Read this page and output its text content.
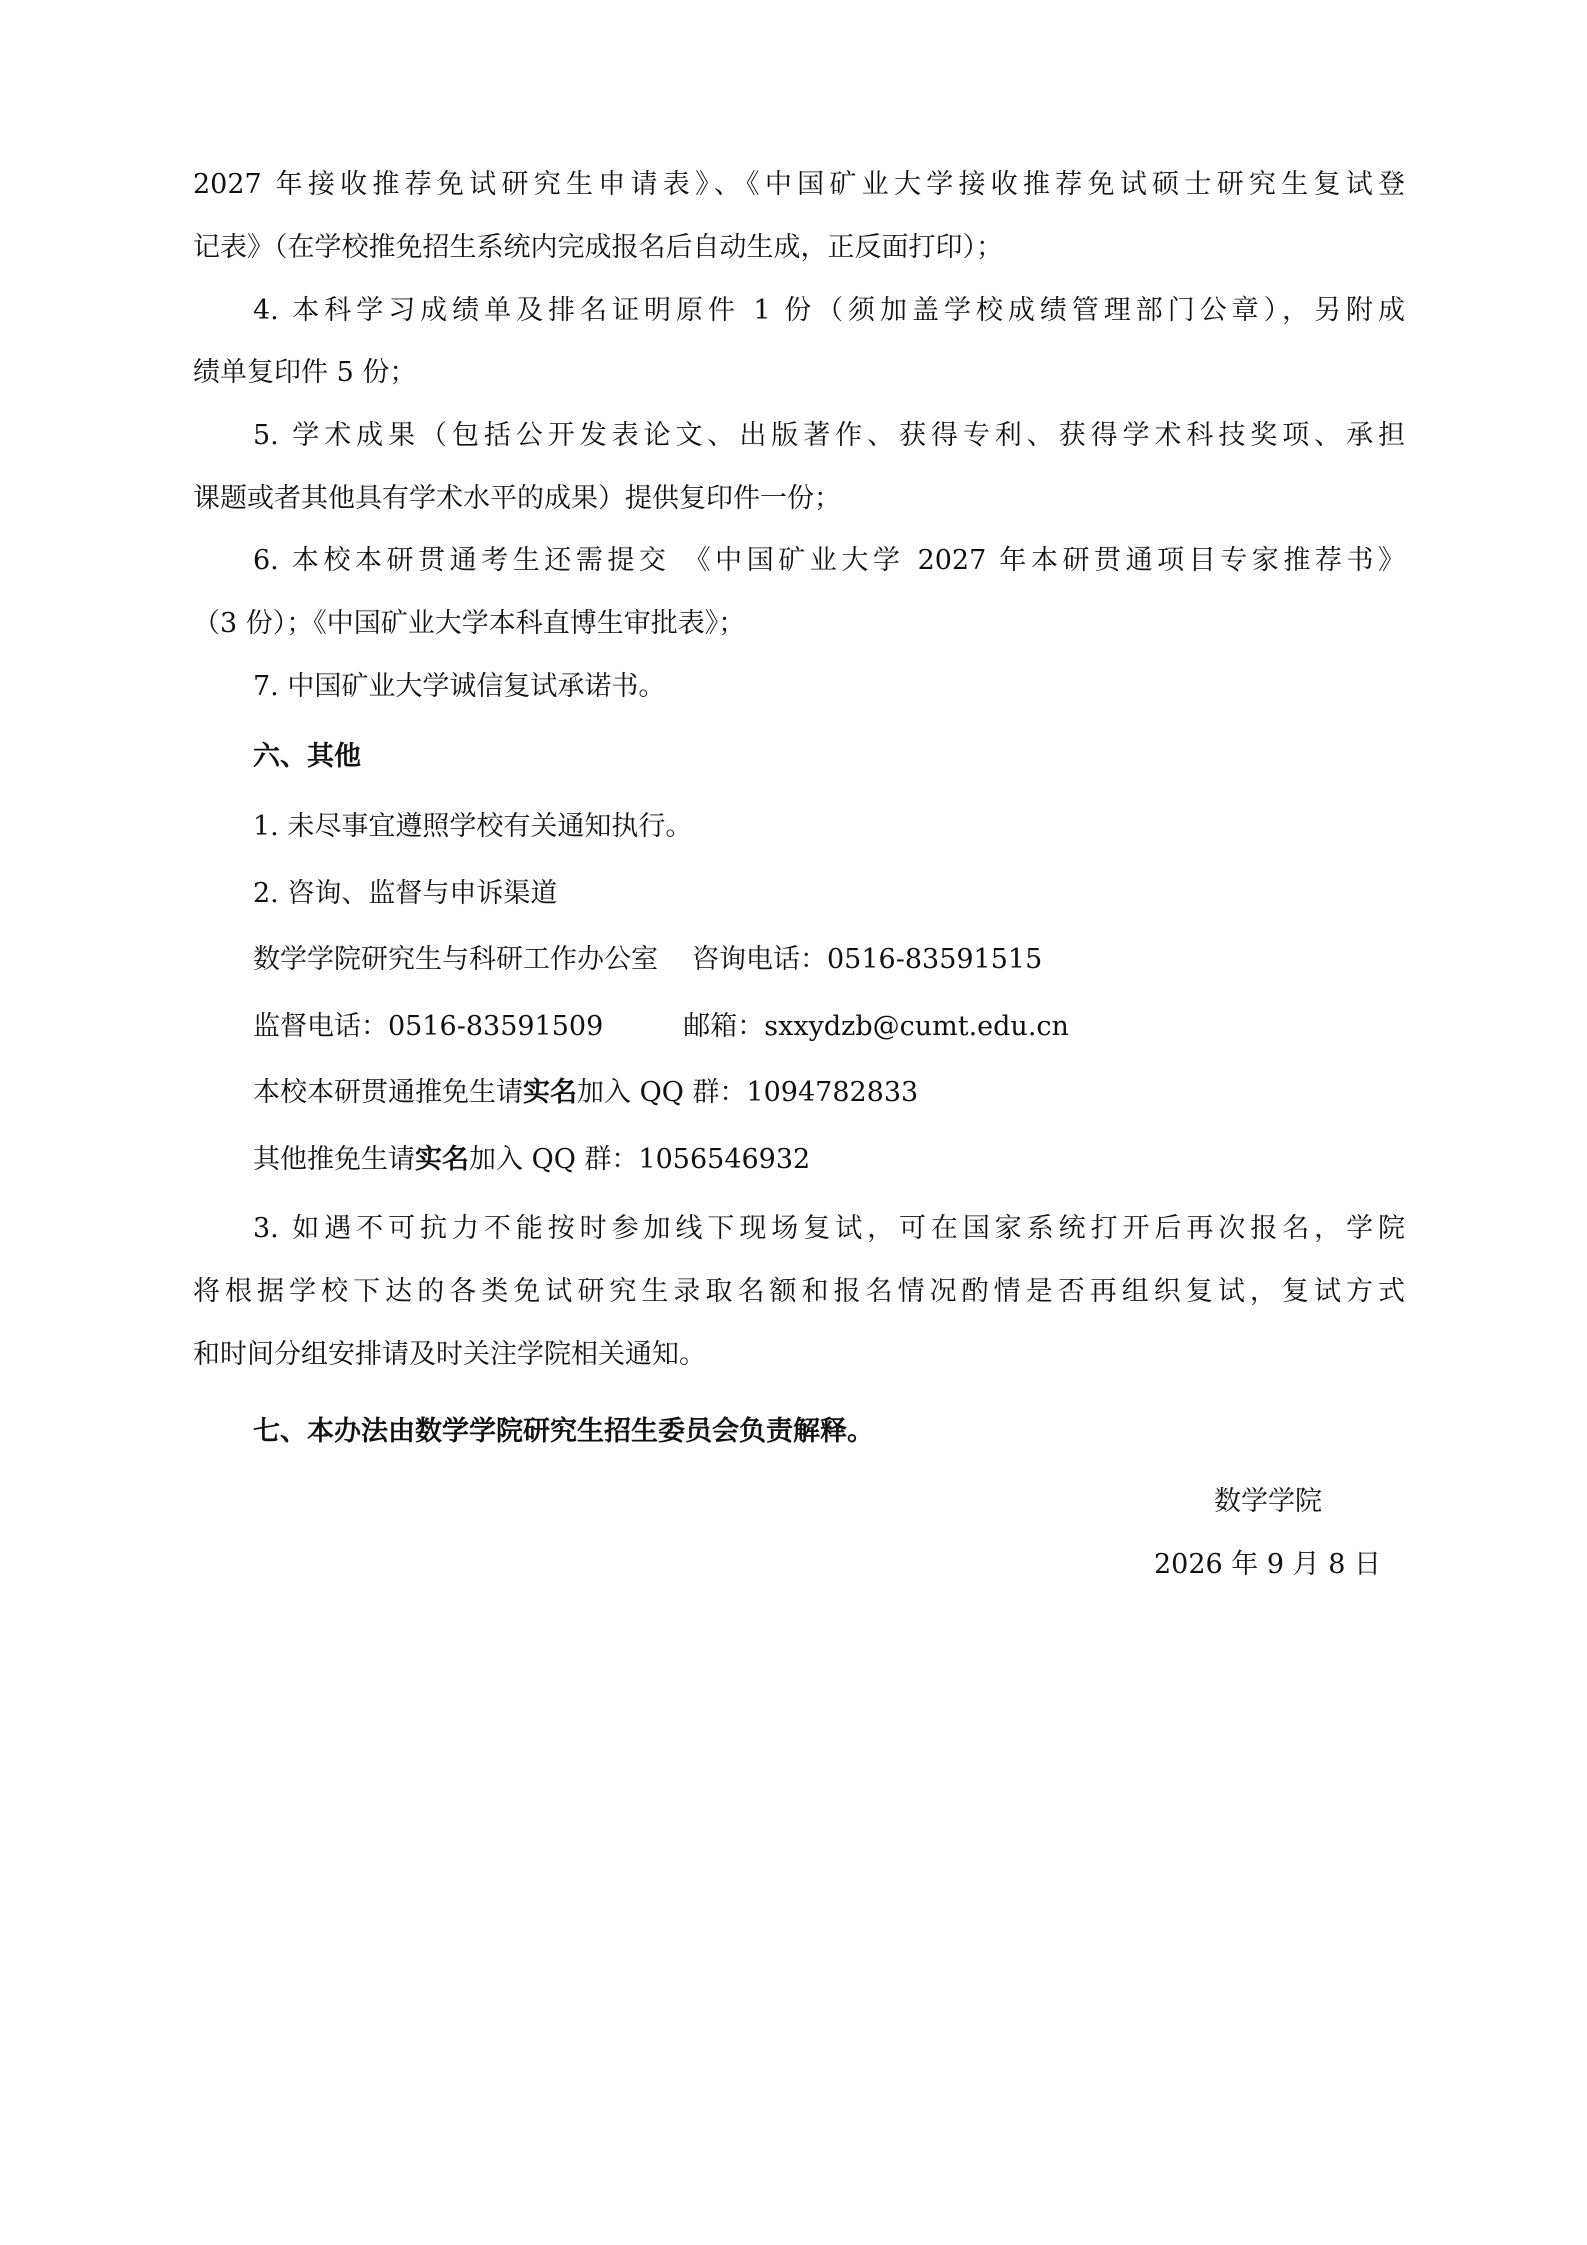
2027 年接收推荐免试研究生申请表》、《中国矿业大学接收推荐免试硕士研究生复试登
记表》（在学校推免招生系统内完成报名后自动生成，正反面打印）；
4. 本科学习成绩单及排名证明原件 1 份（须加盖学校成绩管理部门公章），另附成
绩单复印件 5 份；
5. 学术成果（包括公开发表论文、出版著作、获得专利、获得学术科技奖项、承担
课题或者其他具有学术水平的成果）提供复印件一份；
6. 本校本研贯通考生还需提交 《中国矿业大学 2027 年本研贯通项目专家推荐书》
（3 份）；《中国矿业大学本科直博生审批表》；
7. 中国矿业大学诚信复试承诺书。
六、其他
1. 未尽事宜遵照学校有关通知执行。
2. 咨询、监督与申诉渠道
数学学院研究生与科研工作办公室 咨询电话：0516-83591515
监督电话：0516-83591509	邮箱：sxxydzb@cumt.edu.cn
本校本研贯通推免生请实名加入 QQ 群：1094782833
其他推免生请实名加入 QQ 群：1056546932
3. 如遇不可抗力不能按时参加线下现场复试，可在国家系统打开后再次报名，学院
将根据学校下达的各类免试研究生录取名额和报名情况酌情是否再组织复试，复试方式
和时间分组安排请及时关注学院相关通知。
七、本办法由数学学院研究生招生委员会负责解释。
数学学院
2026 年 9 月 8 日
